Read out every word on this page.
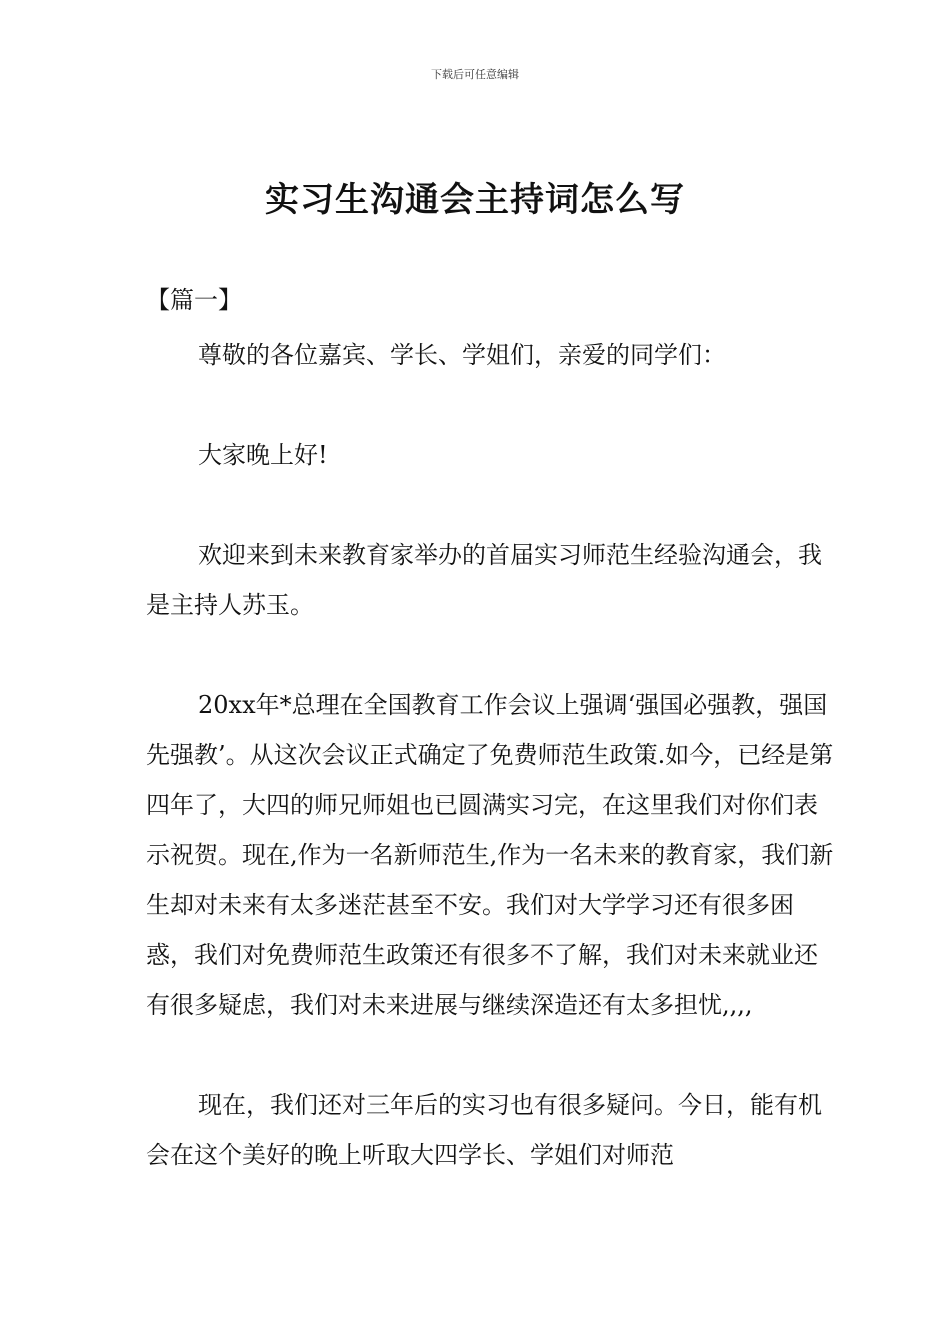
下载后可任意编辑
实习生沟通会主持词怎么写

【篇一】

尊敬的各位嘉宾、学长、学姐们，亲爱的同学们：

大家晚上好!

欢迎来到未来教育家举办的首届实习师范生经验沟通会，我是主持人苏玉。

20xx年*总理在全国教育工作会议上强调‘强国必强教，强国先强教’。从这次会议正式确定了免费师范生政策.如今，已经是第四年了，大四的师兄师姐也已圆满实习完，在这里我们对你们表示祝贺。现在,作为一名新师范生,作为一名未来的教育家，我们新生却对未来有太多迷茫甚至不安。我们对大学学习还有很多困惑，我们对免费师范生政策还有很多不了解，我们对未来就业还有很多疑虑，我们对未来进展与继续深造还有太多担忧,,,,

现在，我们还对三年后的实习也有很多疑问。今日，能有机会在这个美好的晚上听取大四学长、学姐们对师范
